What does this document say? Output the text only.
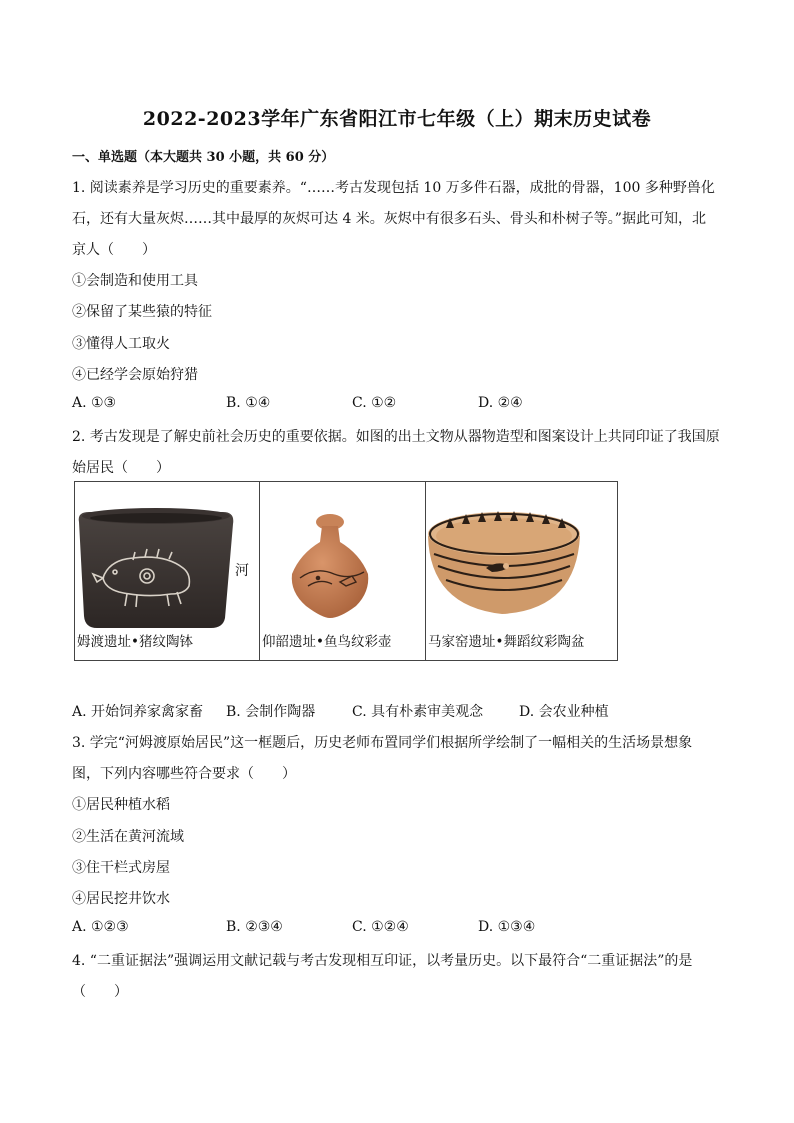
2022-2023学年广东省阳江市七年级（上）期末历史试卷
一、单选题（本大题共 30 小题，共 60 分）
1. 阅读素养是学习历史的重要素养。“……考古发现包括 10 万多件石器，成批的骨器，100 多种野兽化
石，还有大量灰烬……其中最厚的灰烬可达 4 米。灰烬中有很多石头、骨头和朴树子等。”据此可知，北
京人（　　）
①会制造和使用工具
②保留了某些猿的特征
③懂得人工取火
④已经学会原始狩猎
A. ①③	B. ①④	C. ①②	D. ②④
2. 考古发现是了解史前社会历史的重要依据。如图的出土文物从器物造型和图案设计上共同印证了我国原
始居民（　　）
姆渡遗址•猪纹陶钵
河
仰韶遗址•鱼鸟纹彩壶	马家窑遗址•舞蹈纹彩陶盆
A. 开始饲养家禽家畜 B. 会制作陶器	C. 具有朴素审美观念	D. 会农业种植
3. 学完“河姆渡原始居民”这一框题后，历史老师布置同学们根据所学绘制了一幅相关的生活场景想象
图，下列内容哪些符合要求（　　）
①居民种植水稻
②生活在黄河流域
③住干栏式房屋
④居民挖井饮水
A. ①②③	B. ②③④	C. ①②④	D. ①③④
4. “二重证据法”强调运用文献记载与考古发现相互印证，以考量历史。以下最符合“二重证据法”的是
（　　）
